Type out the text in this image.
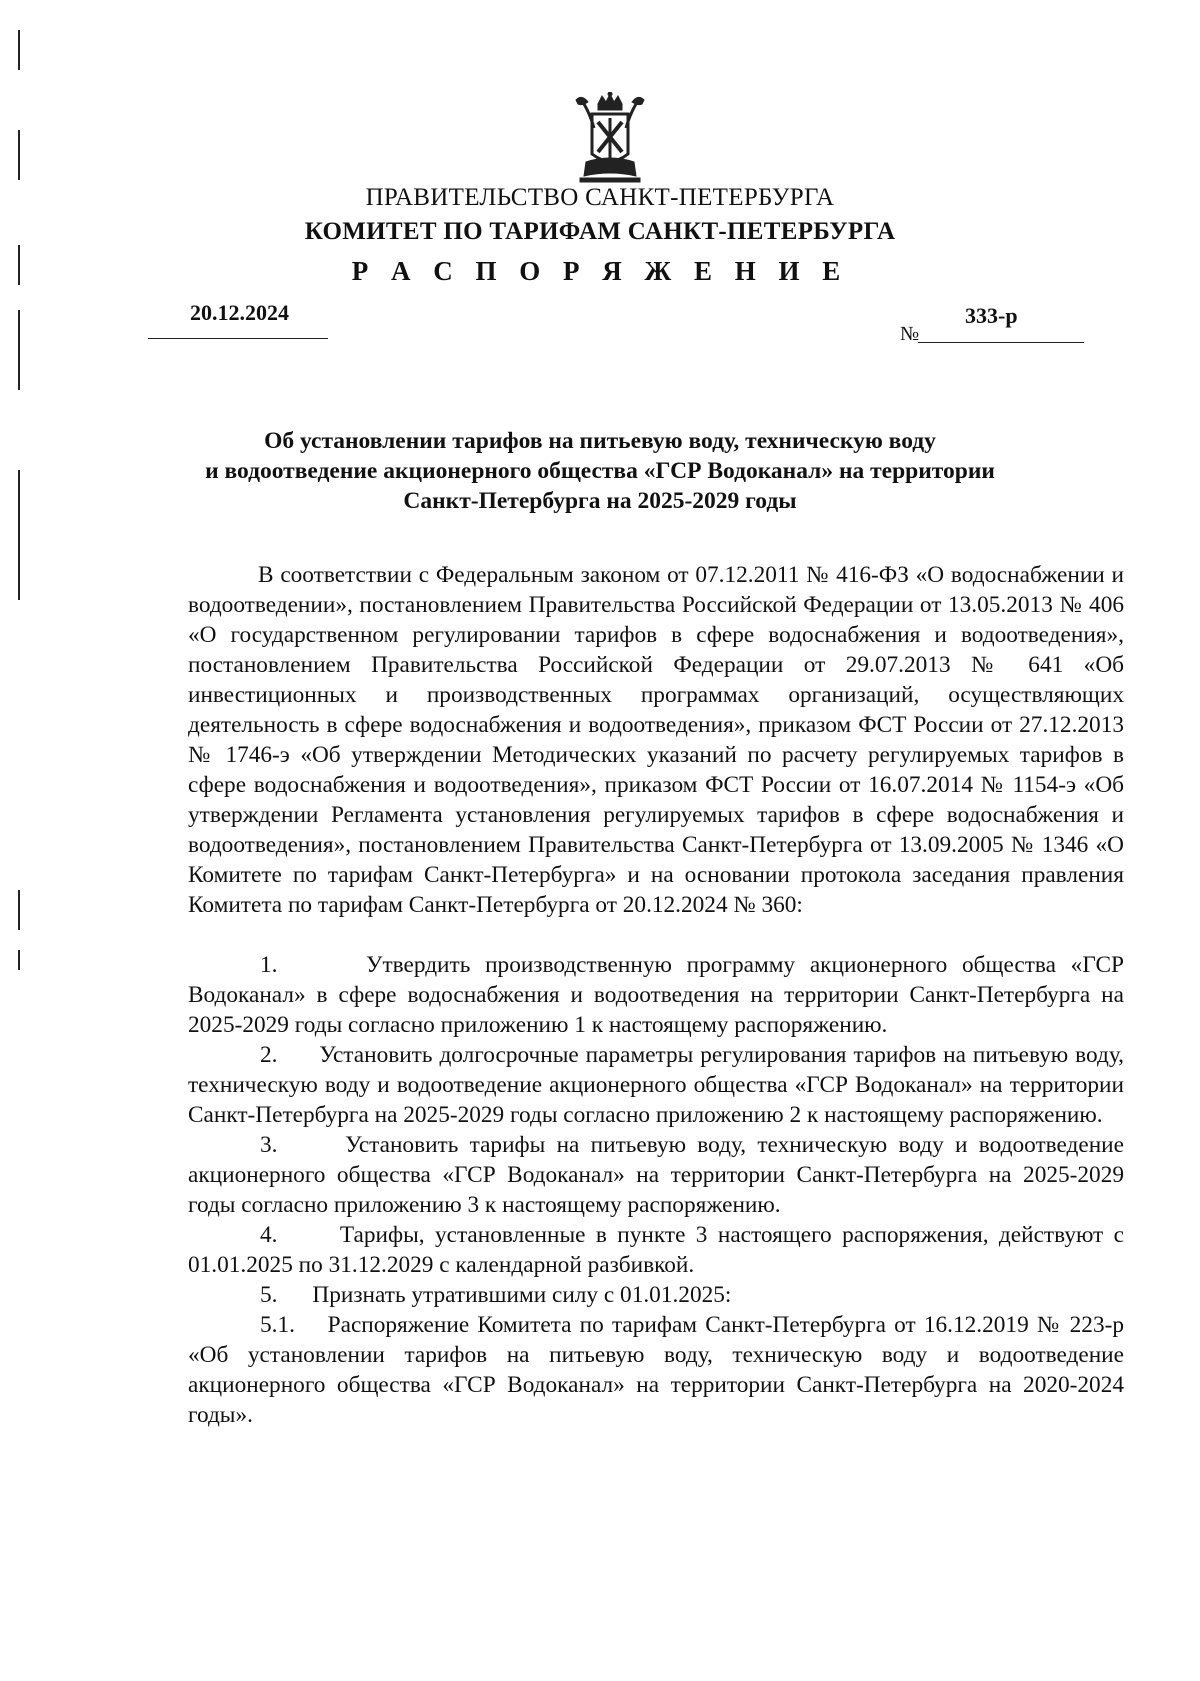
ПРАВИТЕЛЬСТВО САНКТ-ПЕТЕРБУРГА
КОМИТЕТ ПО ТАРИФАМ САНКТ-ПЕТЕРБУРГА
Р А С П О Р Я Ж Е Н И Е
20.12.2024
№
333-р
Об установлении тарифов на питьевую воду, техническую воду
и водоотведение акционерного общества «ГСР Водоканал» на территории
Санкт-Петербурга на 2025-2029 годы

В соответствии с Федеральным законом от 07.12.2011 № 416-ФЗ «О водоснабжении и водоотведении», постановлением Правительства Российской Федерации от 13.05.2013 № 406 «О государственном регулировании тарифов в сфере водоснабжения и водоотведения», постановлением Правительства Российской Федерации от 29.07.2013 № 641 «Об инвестиционных и производственных программах организаций, осуществляющих деятельность в сфере водоснабжения и водоотведения», приказом ФСТ России от 27.12.2013 № 1746-э «Об утверждении Методических указаний по расчету регулируемых тарифов в сфере водоснабжения и водоотведения», приказом ФСТ России от 16.07.2014 № 1154-э «Об утверждении Регламента установления регулируемых тарифов в сфере водоснабжения и водоотведения», постановлением Правительства Санкт-Петербурга от 13.09.2005 № 1346 «О Комитете по тарифам Санкт-Петербурга» и на основании протокола заседания правления Комитета по тарифам Санкт-Петербурга от 20.12.2024 № 360:

1.      Утвердить производственную программу акционерного общества «ГСР Водоканал» в сфере водоснабжения и водоотведения на территории Санкт-Петербурга на 2025-2029 годы согласно приложению 1 к настоящему распоряжению.

2.      Установить долгосрочные параметры регулирования тарифов на питьевую воду, техническую воду и водоотведение акционерного общества «ГСР Водоканал» на территории Санкт-Петербурга на 2025-2029 годы согласно приложению 2 к настоящему распоряжению.

3.      Установить тарифы на питьевую воду, техническую воду и водоотведение акционерного общества «ГСР Водоканал» на территории Санкт-Петербурга на 2025-2029 годы согласно приложению 3 к настоящему распоряжению.

4.      Тарифы, установленные в пункте 3 настоящего распоряжения, действуют с 01.01.2025 по 31.12.2029 с календарной разбивкой.

5.      Признать утратившими силу с 01.01.2025:

5.1.    Распоряжение Комитета по тарифам Санкт-Петербурга от 16.12.2019 № 223-р «Об установлении тарифов на питьевую воду, техническую воду и водоотведение акционерного общества «ГСР Водоканал» на территории Санкт-Петербурга на 2020-2024 годы».
